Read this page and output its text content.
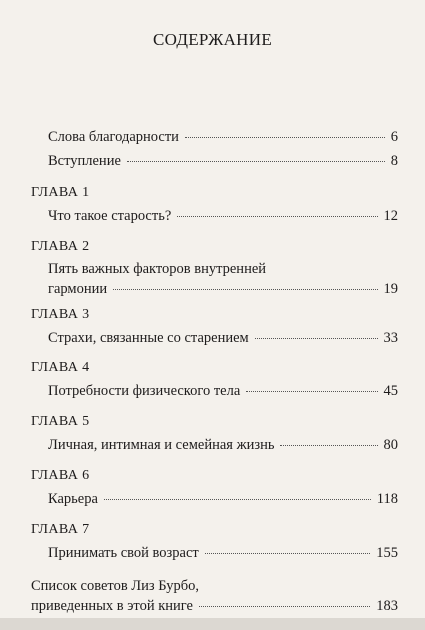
СОДЕРЖАНИЕ
Слова благодарности	6
Вступление	8
ГЛАВА 1
Что такое старость?	12
ГЛАВА 2
Пять важных факторов внутренней
гармонии	19
ГЛАВА 3
Страхи, связанные со старением	33
ГЛАВА 4
Потребности физического тела	45
ГЛАВА 5
Личная, интимная и семейная жизнь	80
ГЛАВА 6
Карьера	118
ГЛАВА 7
Принимать свой возраст	155
Список советов Лиз Бурбо,
приведенных в этой книге	183
